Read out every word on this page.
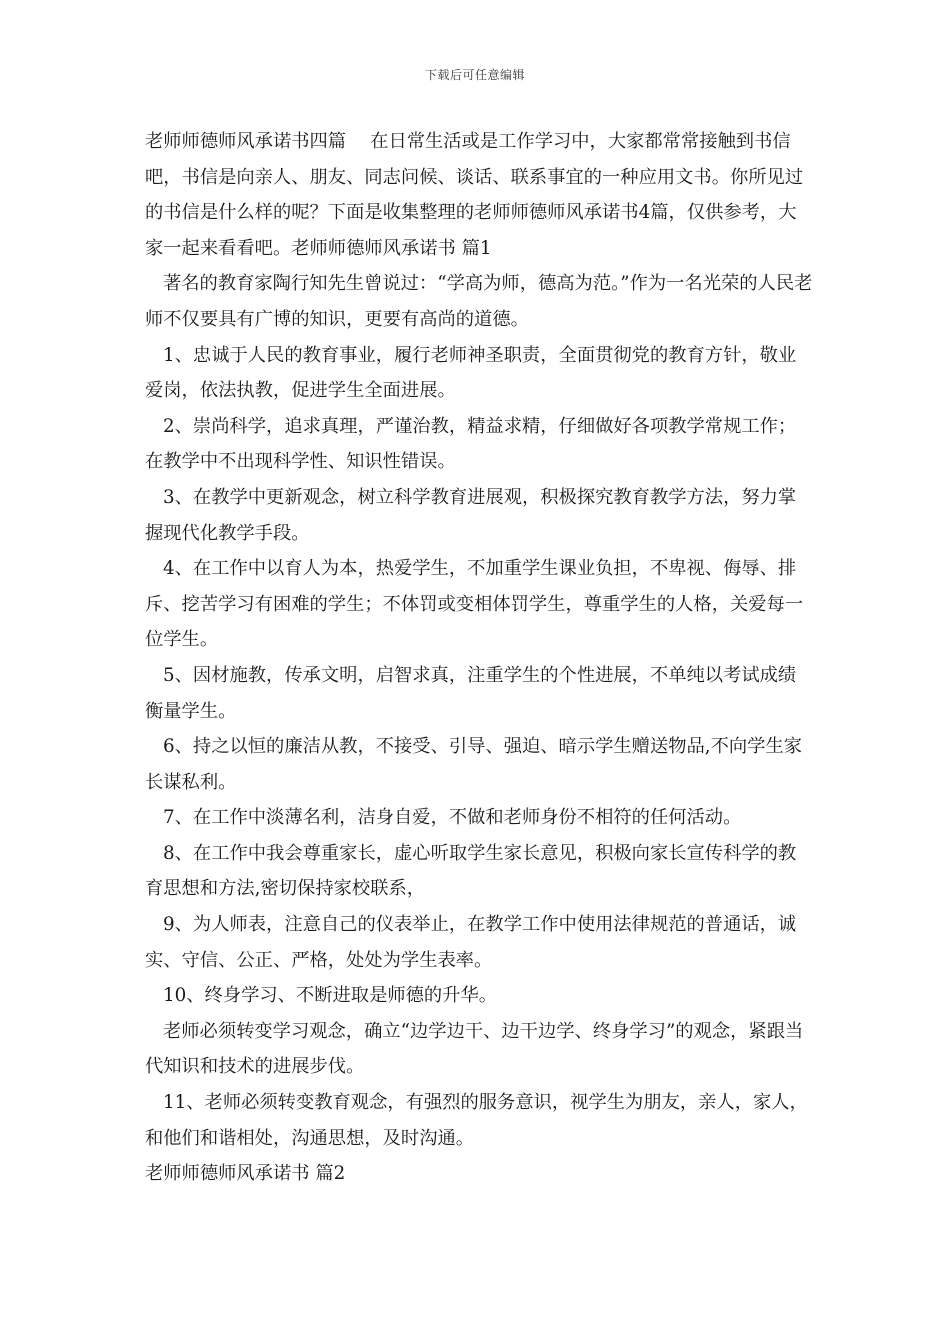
下载后可任意编辑

老师师德师风承诺书四篇　 在日常生活或是工作学习中，大家都常常接触到书信吧，书信是向亲人、朋友、同志问候、谈话、联系事宜的一种应用文书。你所见过的书信是什么样的呢？下面是收集整理的老师师德师风承诺书4篇，仅供参考，大家一起来看看吧。老师师德师风承诺书 篇1

著名的教育家陶行知先生曾说过：“学高为师，德高为范。”作为一名光荣的人民老师不仅要具有广博的知识，更要有高尚的道德。

1、忠诚于人民的教育事业，履行老师神圣职责，全面贯彻党的教育方针，敬业爱岗，依法执教，促进学生全面进展。

2、崇尚科学，追求真理，严谨治教，精益求精，仔细做好各项教学常规工作；在教学中不出现科学性、知识性错误。

3、在教学中更新观念，树立科学教育进展观，积极探究教育教学方法，努力掌握现代化教学手段。

4、在工作中以育人为本，热爱学生，不加重学生课业负担，不卑视、侮辱、排斥、挖苦学习有困难的学生；不体罚或变相体罚学生，尊重学生的人格，关爱每一位学生。

5、因材施教，传承文明，启智求真，注重学生的个性进展，不单纯以考试成绩衡量学生。

6、持之以恒的廉洁从教，不接受、引导、强迫、暗示学生赠送物品,不向学生家长谋私利。

7、在工作中淡薄名利，洁身自爱，不做和老师身份不相符的任何活动。

8、在工作中我会尊重家长，虚心听取学生家长意见，积极向家长宣传科学的教育思想和方法,密切保持家校联系，

9、为人师表，注意自己的仪表举止，在教学工作中使用法律规范的普通话，诚实、守信、公正、严格，处处为学生表率。

10、终身学习、不断进取是师德的升华。

老师必须转变学习观念，确立“边学边干、边干边学、终身学习”的观念，紧跟当代知识和技术的进展步伐。

11、老师必须转变教育观念，有强烈的服务意识，视学生为朋友，亲人，家人，和他们和谐相处，沟通思想，及时沟通。

老师师德师风承诺书 篇2
